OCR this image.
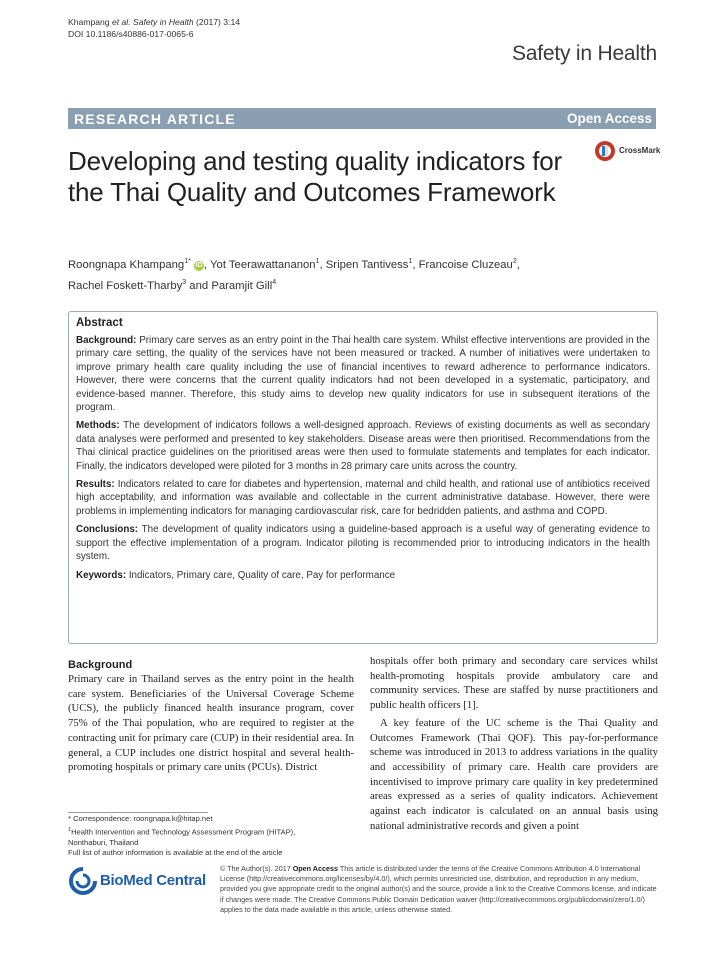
Khampang et al. Safety in Health (2017) 3:14
DOI 10.1186/s40886-017-0065-6
Safety in Health
RESEARCH ARTICLE	Open Access
Developing and testing quality indicators for the Thai Quality and Outcomes Framework
CrossMark
Roongnapa Khampang$^{1*}$ iD , Yot Teerawattananon$^1$, Sripen Tantivess$^1$, Francoise Cluzeau$^2$,
Rachel Foskett-Tharby$^3$ and Paramjit Gill$^4$
Abstract

Background: Primary care serves as an entry point in the Thai health care system. Whilst effective interventions are provided in the primary care setting, the quality of the services have not been measured or tracked. A number of initiatives were undertaken to improve primary health care quality including the use of financial incentives to reward adherence to performance indicators. However, there were concerns that the current quality indicators had not been developed in a systematic, participatory, and evidence-based manner. Therefore, this study aims to develop new quality indicators for use in subsequent iterations of the program.

Methods: The development of indicators follows a well-designed approach. Reviews of existing documents as well as secondary data analyses were performed and presented to key stakeholders. Disease areas were then prioritised. Recommendations from the Thai clinical practice guidelines on the prioritised areas were then used to formulate statements and templates for each indicator. Finally, the indicators developed were piloted for 3 months in 28 primary care units across the country.

Results: Indicators related to care for diabetes and hypertension, maternal and child health, and rational use of antibiotics received high acceptability, and information was available and collectable in the current administrative database. However, there were problems in implementing indicators for managing cardiovascular risk, care for bedridden patients, and asthma and COPD.

Conclusions: The development of quality indicators using a guideline-based approach is a useful way of generating evidence to support the effective implementation of a program. Indicator piloting is recommended prior to introducing indicators in the health system.

Keywords: Indicators, Primary care, Quality of care, Pay for performance

Background

Primary care in Thailand serves as the entry point in the health care system. Beneficiaries of the Universal Coverage Scheme (UCS), the publicly financed health insurance program, cover 75% of the Thai population, who are required to register at the contracting unit for primary care (CUP) in their residential area. In general, a CUP includes one district hospital and several health-promoting hospitals or primary care units (PCUs). District

hospitals offer both primary and secondary care services whilst health-promoting hospitals provide ambulatory care and community services. These are staffed by nurse practitioners and public health officers [1].

A key feature of the UC scheme is the Thai Quality and Outcomes Framework (Thai QOF). This pay-for-performance scheme was introduced in 2013 to address variations in the quality and accessibility of primary care. Health care providers are incentivised to improve primary care quality in key predetermined areas expressed as a series of quality indicators. Achievement against each indicator is calculated on an annual basis using national administrative records and given a point

* Correspondence: roongnapa.k@hitap.net
$^1$Health Intervention and Technology Assessment Program (HITAP),
Nonthaburi, Thailand
Full list of author information is available at the end of the article
BioMed Central
© The Author(s). 2017 Open Access This article is distributed under the terms of the Creative Commons Attribution 4.0 International License (http://creativecommons.org/licenses/by/4.0/), which permits unrestricted use, distribution, and reproduction in any medium, provided you give appropriate credit to the original author(s) and the source, provide a link to the Creative Commons license, and indicate if changes were made. The Creative Commons Public Domain Dedication waiver (http://creativecommons.org/publicdomain/zero/1.0/) applies to the data made available in this article, unless otherwise stated.
